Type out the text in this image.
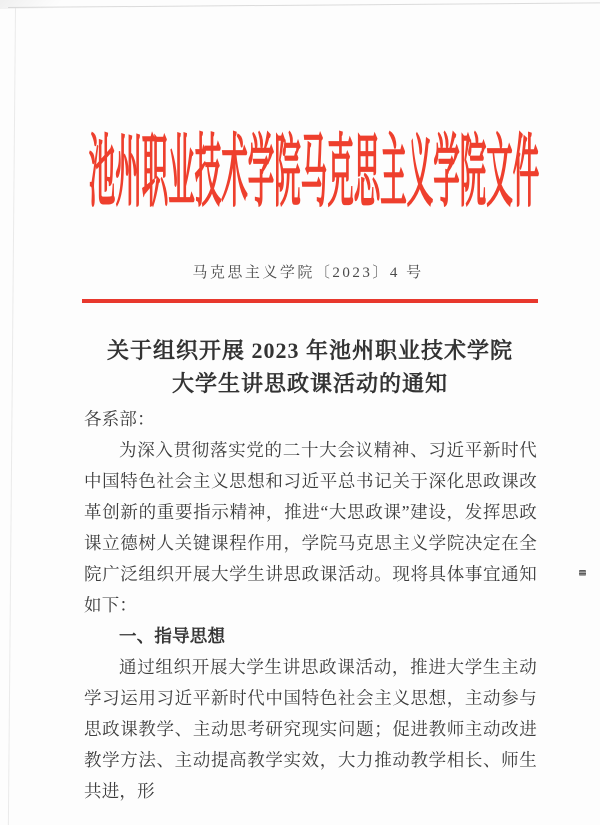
池州职业技术学院马克思主义学院文件
马克思主义学院〔2023〕4 号
关于组织开展 2023 年池州职业技术学院
大学生讲思政课活动的通知

各系部：

为深入贯彻落实党的二十大会议精神、习近平新时代中国特色社会主义思想和习近平总书记关于深化思政课改革创新的重要指示精神，推进“大思政课”建设，发挥思政课立德树人关键课程作用，学院马克思主义学院决定在全院广泛组织开展大学生讲思政课活动。现将具体事宜通知如下：

一、指导思想

通过组织开展大学生讲思政课活动，推进大学生主动学习运用习近平新时代中国特色社会主义思想，主动参与思政课教学、主动思考研究现实问题；促进教师主动改进教学方法、主动提高教学实效，大力推动教学相长、师生共进，形
